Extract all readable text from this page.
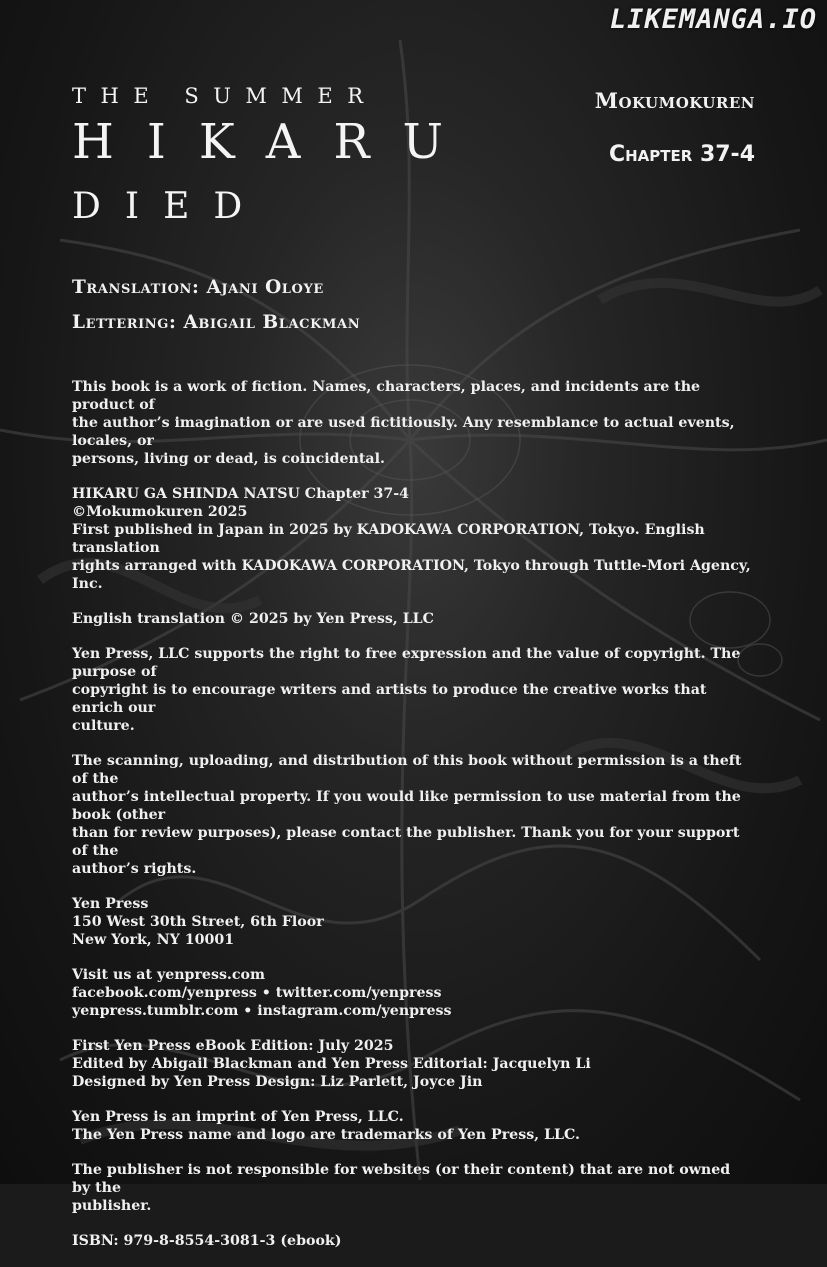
LIKEMANGA.IO
THE SUMMER
HIKARU
DIED
Mokumokuren
Chapter 37-4
Translation: Ajani Oloye
Lettering: Abigail Blackman

This book is a work of fiction. Names, characters, places, and incidents are the product of
the author’s imagination or are used fictitiously. Any resemblance to actual events, locales, or
persons, living or dead, is coincidental.

HIKARU GA SHINDA NATSU Chapter 37-4
©Mokumokuren 2025
First published in Japan in 2025 by KADOKAWA CORPORATION, Tokyo. English translation
rights arranged with KADOKAWA CORPORATION, Tokyo through Tuttle-Mori Agency, Inc.

English translation © 2025 by Yen Press, LLC

Yen Press, LLC supports the right to free expression and the value of copyright. The purpose of
copyright is to encourage writers and artists to produce the creative works that enrich our
culture.

The scanning, uploading, and distribution of this book without permission is a theft of the
author’s intellectual property. If you would like permission to use material from the book (other
than for review purposes), please contact the publisher. Thank you for your support of the
author’s rights.

Yen Press
150 West 30th Street, 6th Floor
New York, NY 10001

Visit us at yenpress.com
facebook.com/yenpress • twitter.com/yenpress
yenpress.tumblr.com • instagram.com/yenpress

First Yen Press eBook Edition: July 2025
Edited by Abigail Blackman and Yen Press Editorial: Jacquelyn Li
Designed by Yen Press Design: Liz Parlett, Joyce Jin

Yen Press is an imprint of Yen Press, LLC.
The Yen Press name and logo are trademarks of Yen Press, LLC.

The publisher is not responsible for websites (or their content) that are not owned by the
publisher.

ISBN: 979-8-8554-3081-3 (ebook)
